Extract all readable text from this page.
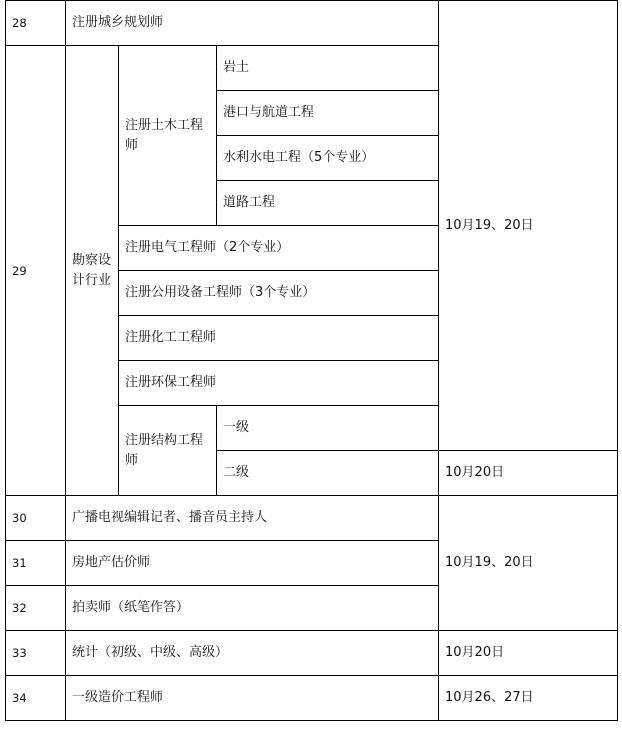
28	注册城乡规划师			10月19、20日
29	勘察设计行业	注册土木工程师	岩土	
			港口与航道工程	
			水利水电工程（5个专业）	
			道路工程	
		注册电气工程师（2个专业）		
		注册公用设备工程师（3个专业）		
		注册化工工程师		
		注册环保工程师		
		注册结构工程师	一级	
			二级	10月20日
30	广播电视编辑记者、播音员主持人			10月19、20日
31	房地产估价师			
32	拍卖师（纸笔作答）			
33	统计（初级、中级、高级）			10月20日
34	一级造价工程师			10月26、27日
